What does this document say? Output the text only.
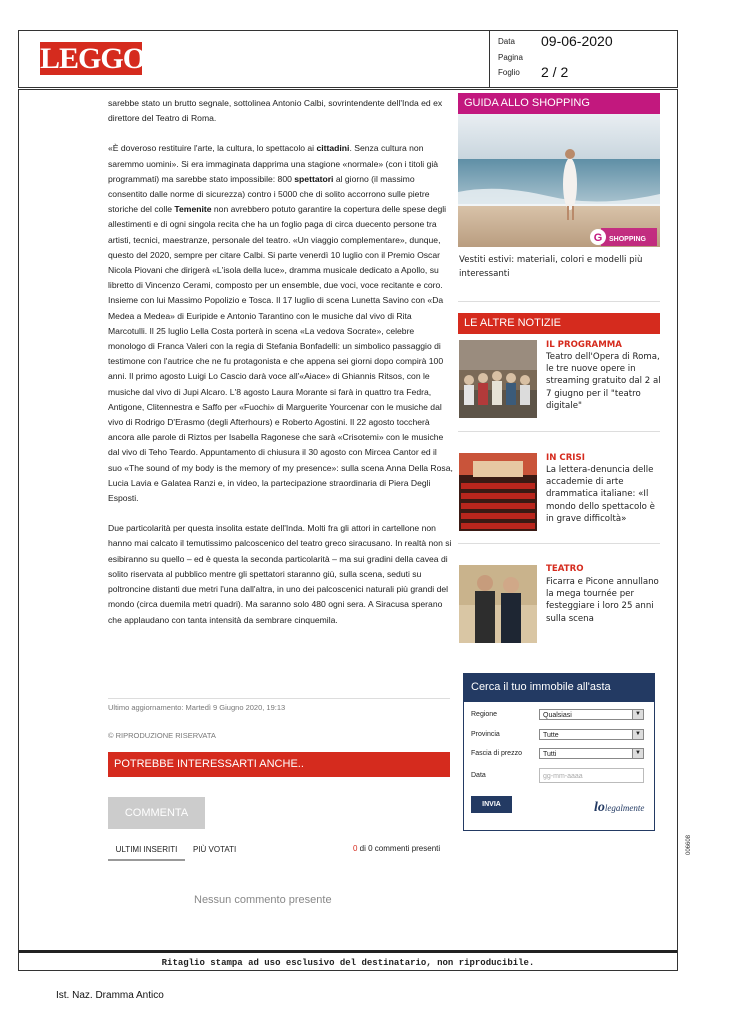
LEGGO
Data 09-06-2020
Pagina
Foglio 2 / 2

sarebbe stato un brutto segnale, sottolinea Antonio Calbi, sovrintendente dell'Inda ed ex direttore del Teatro di Roma.

«È doveroso restituire l'arte, la cultura, lo spettacolo ai cittadini. Senza cultura non saremmo uomini». Si era immaginata dapprima una stagione «normale» (con i titoli già programmati) ma sarebbe stato impossibile: 800 spettatori al giorno (il massimo consentito dalle norme di sicurezza) contro i 5000 che di solito accorrono sulle pietre storiche del colle Temenite non avrebbero potuto garantire la copertura delle spese degli allestimenti e di ogni singola recita che ha un foglio paga di circa duecento persone tra artisti, tecnici, maestranze, personale del teatro. «Un viaggio complementare», dunque, questo del 2020, sempre per citare Calbi. Si parte venerdì 10 luglio con il Premio Oscar Nicola Piovani che dirigerà «L'isola della luce», dramma musicale dedicato a Apollo, su libretto di Vincenzo Cerami, composto per un ensemble, due voci, voce recitante e coro. Insieme con lui Massimo Popolizio e Tosca. Il 17 luglio di scena Lunetta Savino con «Da Medea a Medea» di Euripide e Antonio Tarantino con le musiche dal vivo di Rita Marcotulli. Il 25 luglio Lella Costa porterà in scena «La vedova Socrate», celebre monologo di Franca Valeri con la regia di Stefania Bonfadelli: un simbolico passaggio di testimone con l'autrice che ne fu protagonista e che appena sei giorni dopo compirà 100 anni. Il primo agosto Luigi Lo Cascio darà voce all'«Aiace» di Ghiannis Ritsos, con le musiche dal vivo di Jupi Alcaro. L'8 agosto Laura Morante si farà in quattro tra Fedra, Antigone, Clitennestra e Saffo per «Fuochi» di Marguerite Yourcenar con le musiche dal vivo di Rodrigo D'Erasmo (degli Afterhours) e Roberto Agostini. Il 22 agosto toccherà ancora alle parole di Riztos per Isabella Ragonese che sarà «Crisotemi» con le musiche dal vivo di Teho Teardo. Appuntamento di chiusura il 30 agosto con Mircea Cantor ed il suo «The sound of my body is the memory of my presence»: sulla scena Anna Della Rosa, Lucia Lavia e Galatea Ranzi e, in video, la partecipazione straordinaria di Piera Degli Esposti.

Due particolarità per questa insolita estate dell'Inda. Molti fra gli attori in cartellone non hanno mai calcato il temutissimo palcoscenico del teatro greco siracusano. In realtà non si esibiranno su quello – ed è questa la seconda particolarità – ma sui gradini della cavea di solito riservata al pubblico mentre gli spettatori staranno giù, sulla scena, seduti su poltroncine distanti due metri l'una dall'altra, in uno dei palcoscenici naturali più grandi del mondo (circa duemila metri quadri). Ma saranno solo 480 ogni sera. A Siracusa sperano che applaudano con tanta intensità da sembrare cinquemila.

Ultimo aggiornamento: Martedì 9 Giugno 2020, 19:13
© RIPRODUZIONE RISERVATA
POTREBBE INTERESSARTI ANCHE..
COMMENTA
ULTIMI INSERITI	PIÙ VOTATI	0 di 0 commenti presenti
Nessun commento presente
GUIDA ALLO SHOPPING
G SHOPPING
Vestiti estivi: materiali, colori e modelli più interessanti
LE ALTRE NOTIZIE
IL PROGRAMMA
Teatro dell'Opera di Roma, le tre nuove opere in streaming gratuito dal 2 al 7 giugno per il "teatro digitale"
IN CRISI
La lettera-denuncia delle accademie di arte drammatica italiane: «Il mondo dello spettacolo è in grave difficoltà»
TEATRO
Ficarra e Picone annullano la mega tournée per festeggiare i loro 25 anni sulla scena
Cerca il tuo immobile all'asta
Regione	Qualsiasi	▼
Provincia	Tutte	▼
Fascia di prezzo	Tutti	▼
Data	gg-mm-aaaa
INVIA	lolegalmente
Ritaglio stampa ad uso esclusivo del destinatario, non riproducibile.
Ist. Naz. Dramma Antico
006608
